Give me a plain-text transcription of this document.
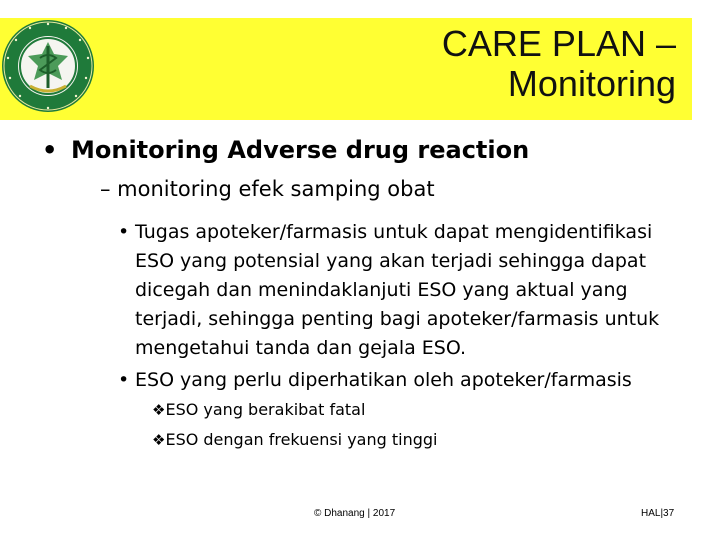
CARE PLAN –
Monitoring
• Monitoring Adverse drug reaction
– monitoring efek samping obat
• Tugas apoteker/farmasis untuk dapat mengidentifikasi ESO yang potensial yang akan terjadi sehingga dapat dicegah dan menindaklanjuti ESO yang aktual yang terjadi, sehingga penting bagi apoteker/farmasis untuk mengetahui tanda dan gejala ESO.
• ESO yang perlu diperhatikan oleh apoteker/farmasis
❖ESO yang berakibat fatal
❖ESO dengan frekuensi yang tinggi
© Dhanang | 2017	HAL|37
